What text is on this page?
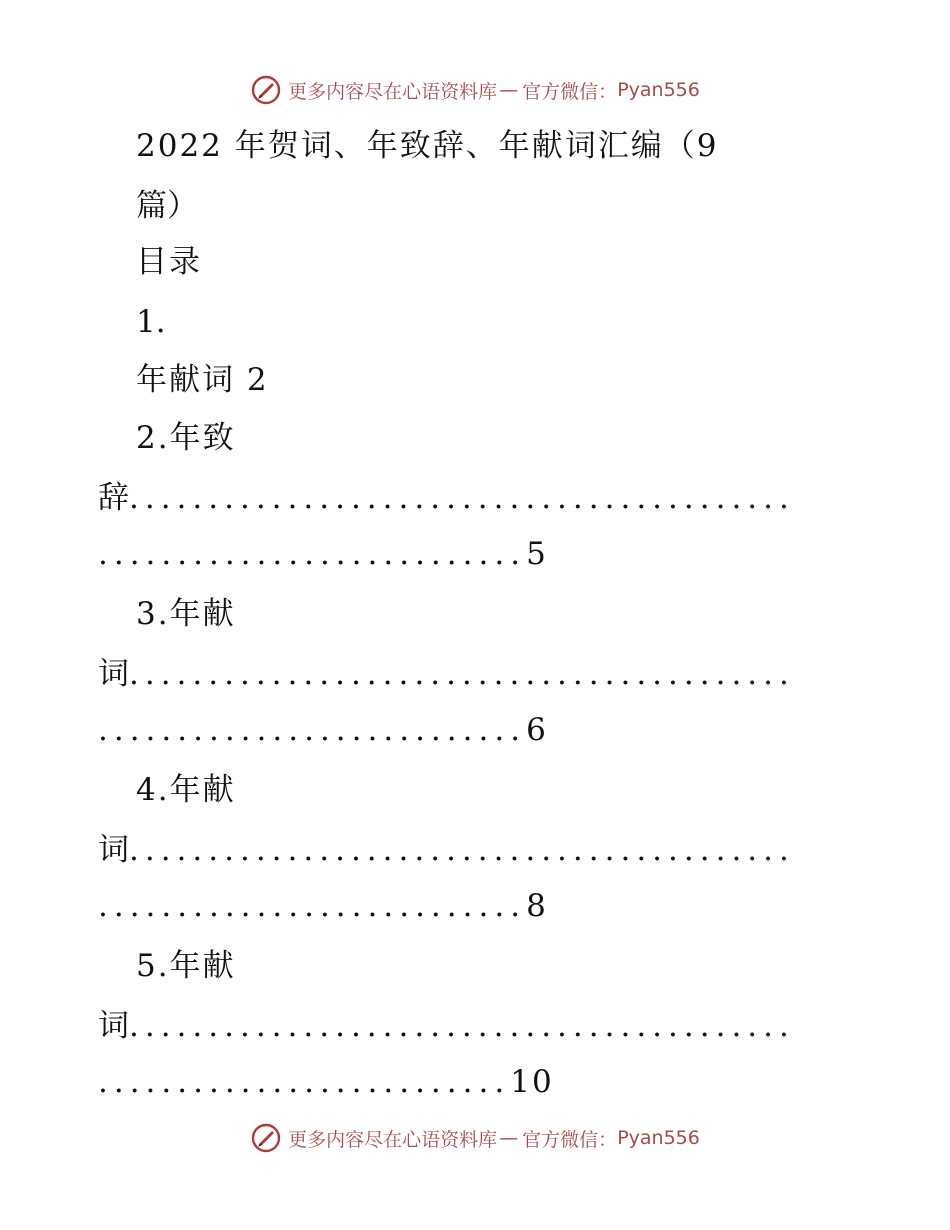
更多内容尽在心语资料库 — 官方微信： Pyan556
2022 年贺词、年致辞、年献词汇编（9
篇）
目录
1.
年献词 2
2.年致
辞..........................................
...........................5
3.年献
词..........................................
...........................6
4.年献
词..........................................
...........................8
5.年献
词..........................................
..........................10
更多内容尽在心语资料库 — 官方微信： Pyan556
